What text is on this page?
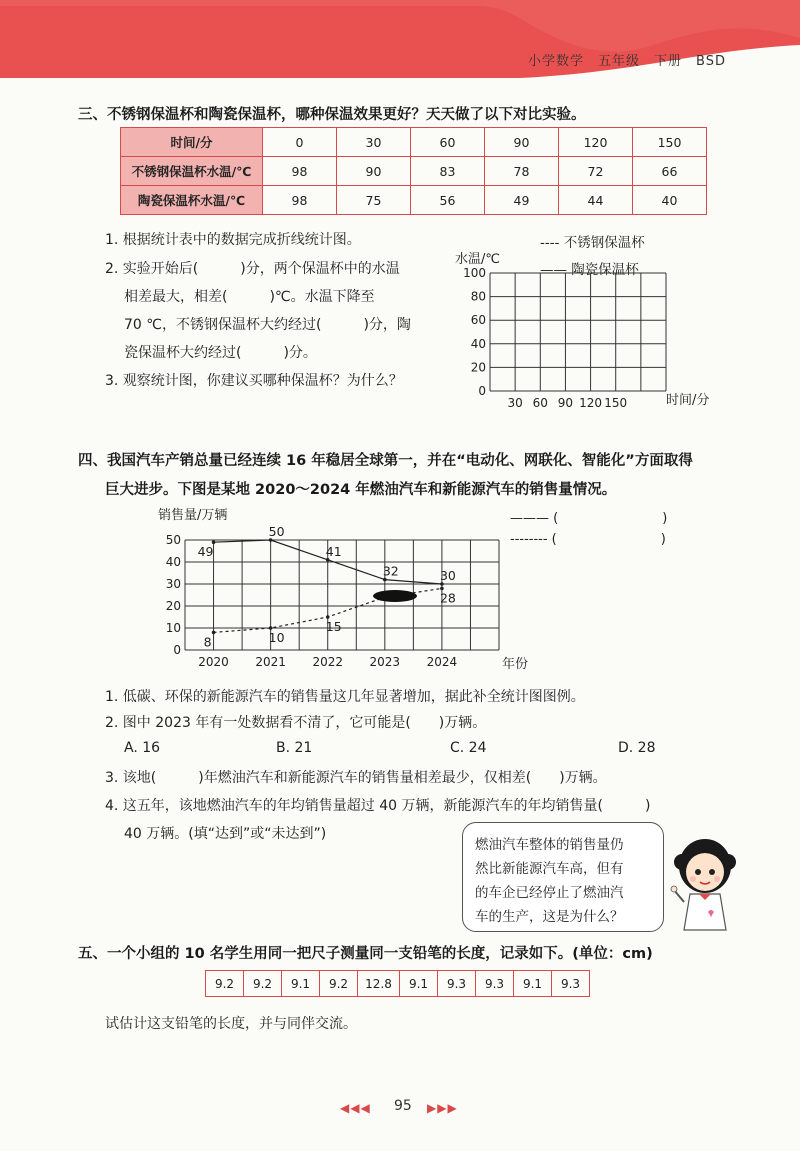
小学数学　五年级　下册　BSD
三、不锈钢保温杯和陶瓷保温杯，哪种保温效果更好？天天做了以下对比实验。
时间/分	0	30	60	90	120	150
不锈钢保温杯水温/℃	98	90	83	78	72	66
陶瓷保温杯水温/℃	98	75	56	49	44	40
1. 根据统计表中的数据完成折线统计图。
2. 实验开始后(　　　)分，两个保温杯中的水温
相差最大，相差(　　　)℃。水温下降至
70 ℃，不锈钢保温杯大约经过(　　　)分，陶
瓷保温杯大约经过(　　　)分。
3. 观察统计图，你建议买哪种保温杯？为什么？
---- 不锈钢保温杯
—— 陶瓷保温杯
水温/℃
100
80
60
40
20
0
30 60 90 120 150	时间/分
四、我国汽车产销总量已经连续 16 年稳居全球第一，并在“电动化、网联化、智能化”方面取得
巨大进步。下图是某地 2020～2024 年燃油汽车和新能源汽车的销售量情况。
销售量/万辆
0
10
20
30
40
50
2020 2021 2022 2023 2024
49
50
41
32	30
8	10
15
28
年份
——— (　　　　　　　　)
-------- (　　　　　　　　)
1. 低碳、环保的新能源汽车的销售量这几年显著增加，据此补全统计图图例。
2. 图中 2023 年有一处数据看不清了，它可能是(　　)万辆。
A. 16	B. 21	C. 24	D. 28
3. 该地(　　　)年燃油汽车和新能源汽车的销售量相差最少，仅相差(　　)万辆。
4. 这五年，该地燃油汽车的年均销售量超过 40 万辆，新能源汽车的年均销售量(　　　)
40 万辆。(填“达到”或“未达到”)
燃油汽车整体的销售量仍
然比新能源汽车高，但有
的车企已经停止了燃油汽
车的生产，这是为什么？
五、一个小组的 10 名学生用同一把尺子测量同一支铅笔的长度，记录如下。(单位：cm)
9.2	9.2	9.1	9.2	12.8	9.1	9.3	9.3	9.1	9.3
试估计这支铅笔的长度，并与同伴交流。
◀◀◀ 95 ▶▶▶
